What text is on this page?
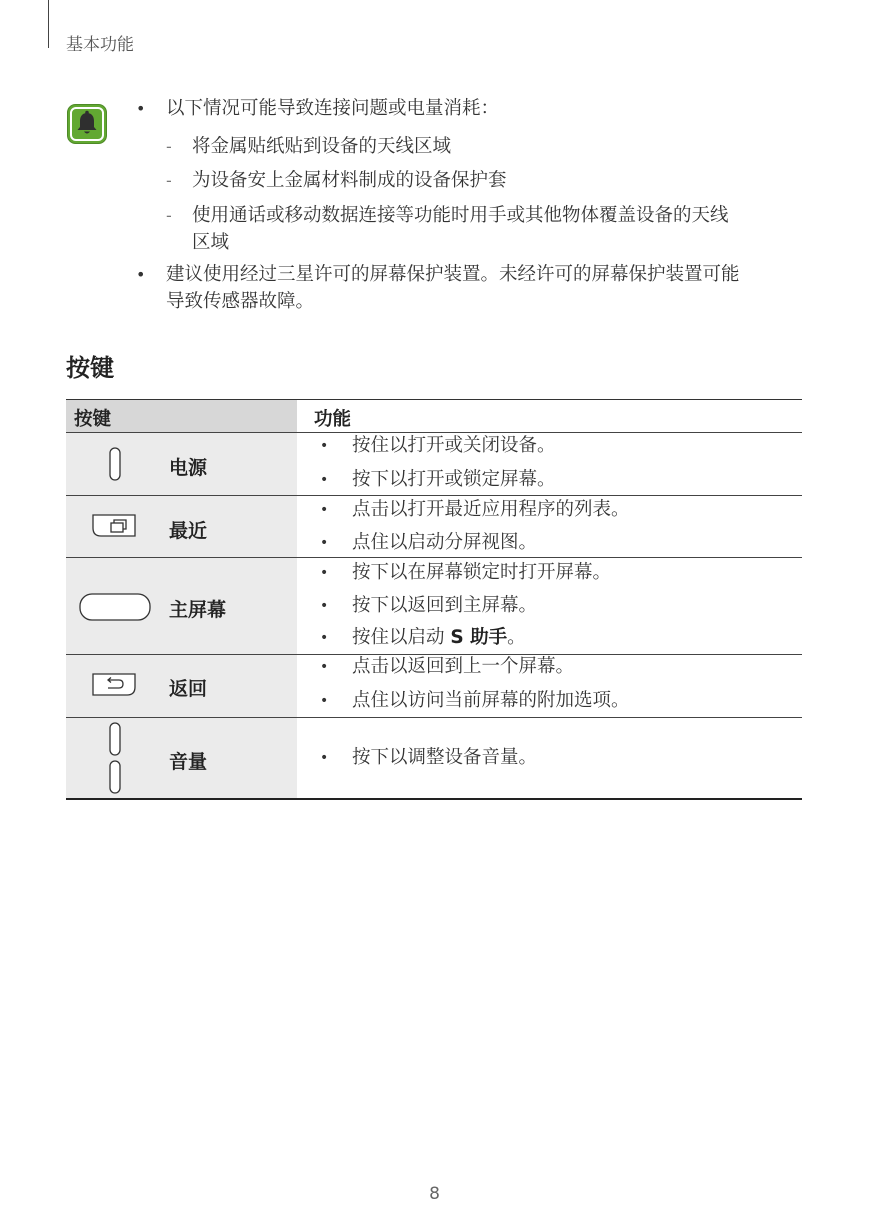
基本功能
• 以下情况可能导致连接问题或电量消耗：
- 将金属贴纸贴到设备的天线区域
- 为设备安上金属材料制成的设备保护套
- 使用通话或移动数据连接等功能时用手或其他物体覆盖设备的天线
区域
• 建议使用经过三星许可的屏幕保护装置。未经许可的屏幕保护装置可能
导致传感器故障。
按键
按键	功能
电源
• 按住以打开或关闭设备。
• 按下以打开或锁定屏幕。
最近
• 点击以打开最近应用程序的列表。
• 点住以启动分屏视图。
主屏幕
• 按下以在屏幕锁定时打开屏幕。
• 按下以返回到主屏幕。
• 按住以启动 S 助手。
返回
• 点击以返回到上一个屏幕。
• 点住以访问当前屏幕的附加选项。
音量	• 按下以调整设备音量。
8
